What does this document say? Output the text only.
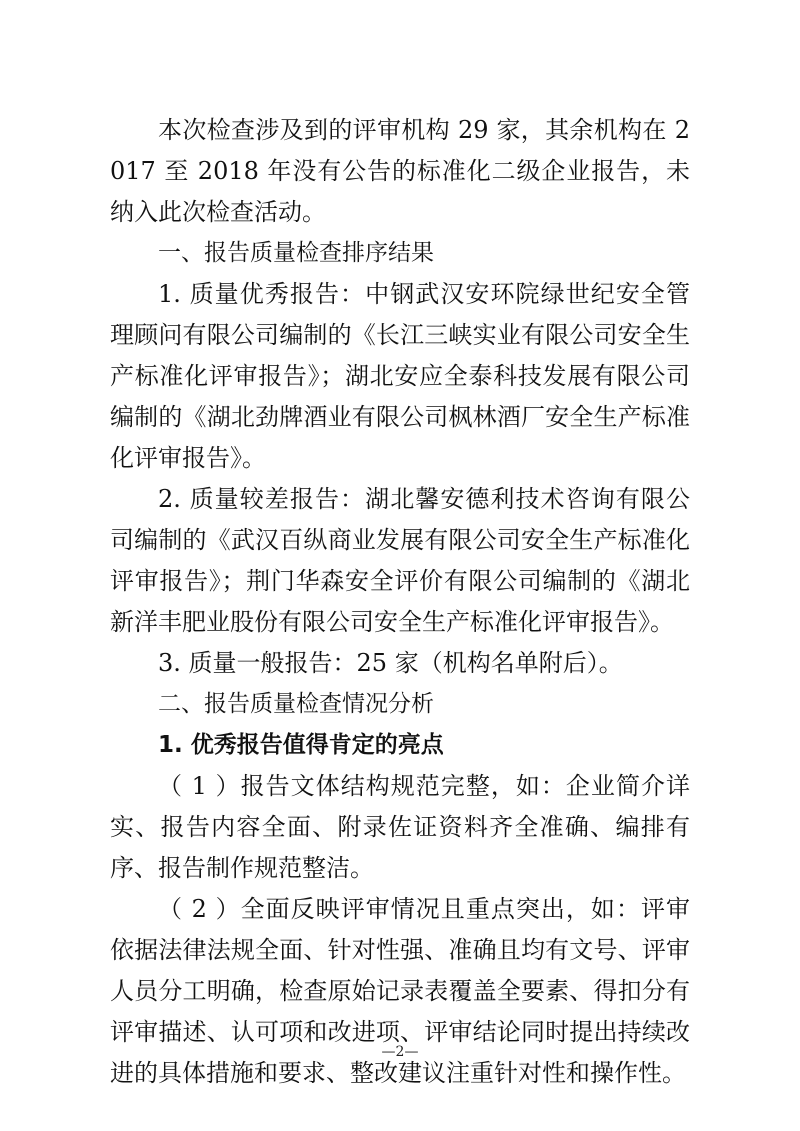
本次检查涉及到的评审机构 29 家，其余机构在 2017 至 2018 年没有公告的标准化二级企业报告，未纳入此次检查活动。

一、报告质量检查排序结果

1. 质量优秀报告：中钢武汉安环院绿世纪安全管理顾问有限公司编制的《长江三峡实业有限公司安全生产标准化评审报告》；湖北安应全泰科技发展有限公司编制的《湖北劲牌酒业有限公司枫林酒厂安全生产标准化评审报告》。

2. 质量较差报告：湖北馨安德利技术咨询有限公司编制的《武汉百纵商业发展有限公司安全生产标准化评审报告》；荆门华森安全评价有限公司编制的《湖北新洋丰肥业股份有限公司安全生产标准化评审报告》。

3. 质量一般报告：25 家（机构名单附后）。

二、报告质量检查情况分析

1. 优秀报告值得肯定的亮点

（ 1 ）报告文体结构规范完整，如：企业简介详实、报告内容全面、附录佐证资料齐全准确、编排有序、报告制作规范整洁。

（ 2 ）全面反映评审情况且重点突出，如：评审依据法律法规全面、针对性强、准确且均有文号、评审人员分工明确，检查原始记录表覆盖全要素、得扣分有评审描述、认可项和改进项、评审结论同时提出持续改进的具体措施和要求、整改建议注重针对性和操作性。

—2—
